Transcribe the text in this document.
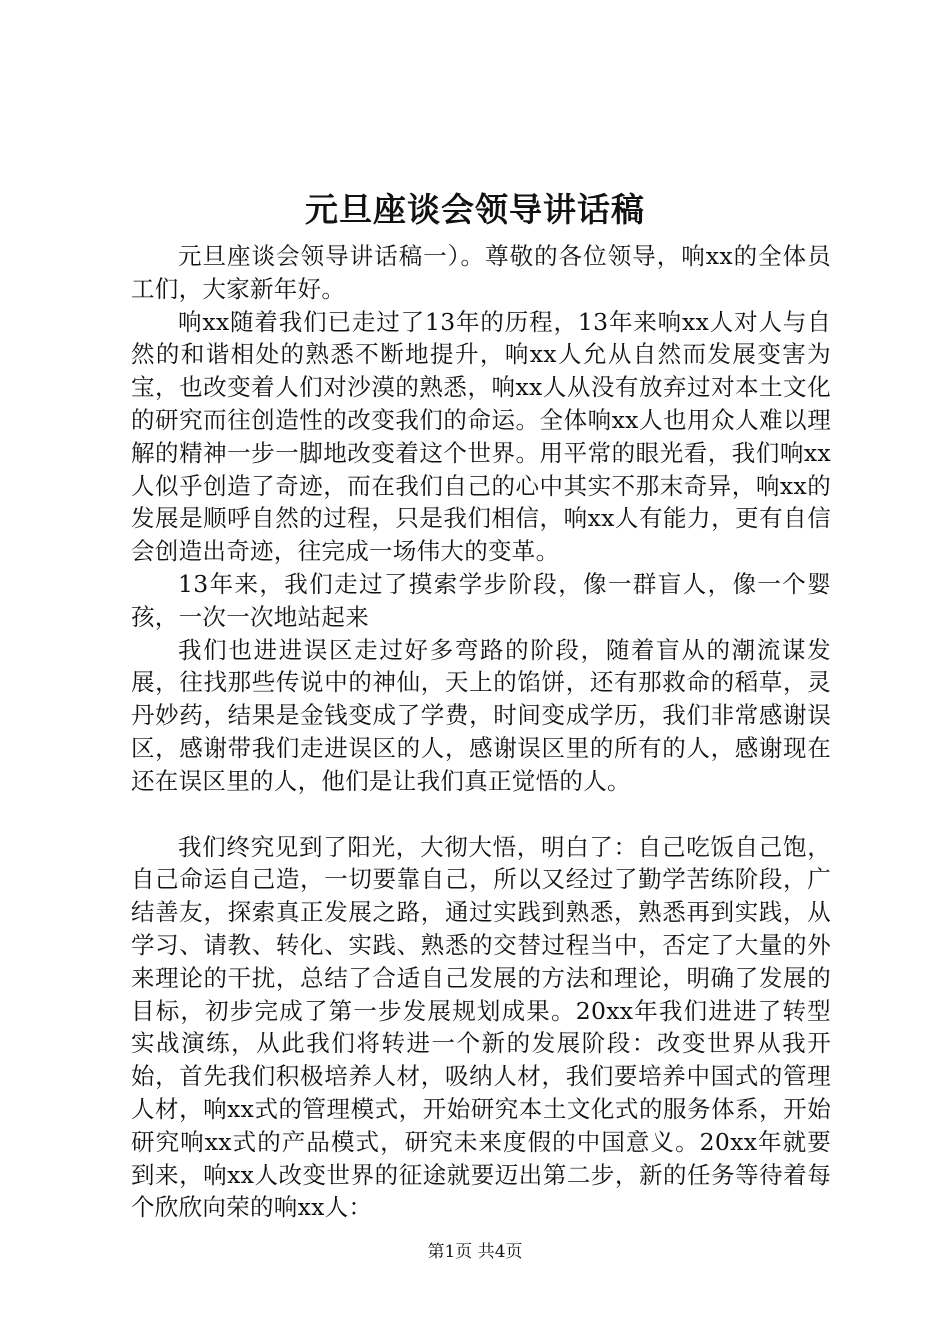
元旦座谈会领导讲话稿

元旦座谈会领导讲话稿一）。尊敬的各位领导，响xx的全体员工们，大家新年好。

响xx随着我们已走过了13年的历程，13年来响xx人对人与自然的和谐相处的熟悉不断地提升，响xx人允从自然而发展变害为宝，也改变着人们对沙漠的熟悉，响xx人从没有放弃过对本土文化的研究而往创造性的改变我们的命运。全体响xx人也用众人难以理解的精神一步一脚地改变着这个世界。用平常的眼光看，我们响xx人似乎创造了奇迹，而在我们自己的心中其实不那末奇异，响xx的发展是顺呼自然的过程，只是我们相信，响xx人有能力，更有自信会创造出奇迹，往完成一场伟大的变革。

13年来，我们走过了摸索学步阶段，像一群盲人，像一个婴孩，一次一次地站起来

我们也进进误区走过好多弯路的阶段，随着盲从的潮流谋发展，往找那些传说中的神仙，天上的馅饼，还有那救命的稻草，灵丹妙药，结果是金钱变成了学费，时间变成学历，我们非常感谢误区，感谢带我们走进误区的人，感谢误区里的所有的人，感谢现在还在误区里的人，他们是让我们真正觉悟的人。

我们终究见到了阳光，大彻大悟，明白了：自己吃饭自己饱，自己命运自己造，一切要靠自己，所以又经过了勤学苦练阶段，广结善友，探索真正发展之路，通过实践到熟悉，熟悉再到实践，从学习、请教、转化、实践、熟悉的交替过程当中，否定了大量的外来理论的干扰，总结了合适自己发展的方法和理论，明确了发展的目标，初步完成了第一步发展规划成果。20xx年我们进进了转型实战演练，从此我们将转进一个新的发展阶段：改变世界从我开始，首先我们积极培养人材，吸纳人材，我们要培养中国式的管理人材，响xx式的管理模式，开始研究本土文化式的服务体系，开始研究响xx式的产品模式，研究未来度假的中国意义。20xx年就要到来，响xx人改变世界的征途就要迈出第二步，新的任务等待着每个欣欣向荣的响xx人：

第1页 共4页
